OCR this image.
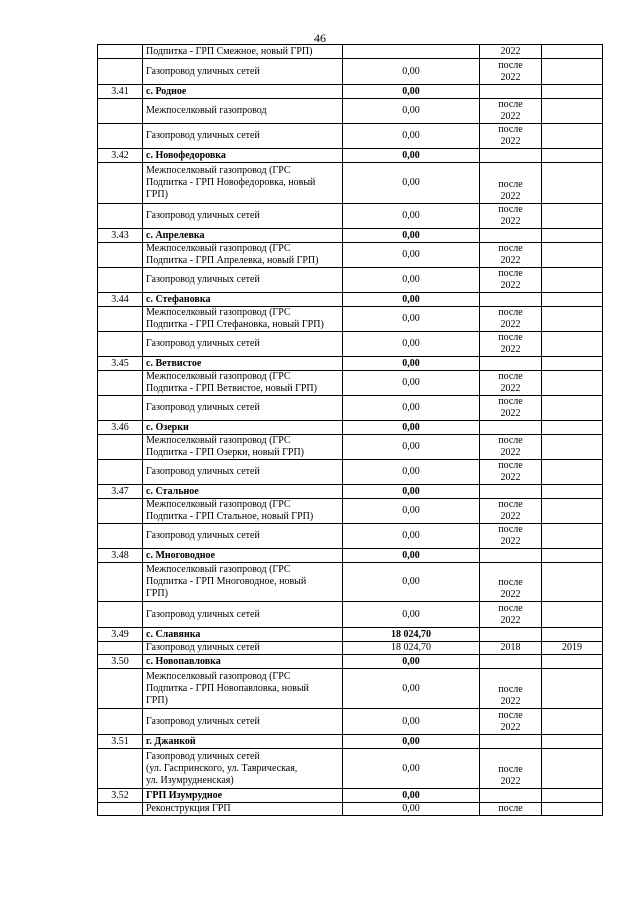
46
	Подпитка - ГРП Смежное, новый ГРП)		2022	
	Газопровод уличных сетей	0,00	после
2022	
3.41	с. Родное	0,00		
	Межпоселковый газопровод	0,00	после
2022	
	Газопровод уличных сетей	0,00	после
2022	
3.42	с. Новофедоровка	0,00		
	Межпоселковый газопровод (ГРС
Подпитка - ГРП Новофедоровка, новый
ГРП)	0,00	после
2022	
	Газопровод уличных сетей	0,00	после
2022	
3.43	с. Апрелевка	0,00		
	Межпоселковый газопровод (ГРС
Подпитка - ГРП Апрелевка, новый ГРП)	0,00	после
2022	
	Газопровод уличных сетей	0,00	после
2022	
3.44	с. Стефановка	0,00		
	Межпоселковый газопровод (ГРС
Подпитка - ГРП Стефановка, новый ГРП)	0,00	после
2022	
	Газопровод уличных сетей	0,00	после
2022	
3.45	с. Ветвистое	0,00		
	Межпоселковый газопровод (ГРС
Подпитка - ГРП Ветвистое, новый ГРП)	0,00	после
2022	
	Газопровод уличных сетей	0,00	после
2022	
3.46	с. Озерки	0,00		
	Межпоселковый газопровод (ГРС
Подпитка - ГРП Озерки, новый ГРП)	0,00	после
2022	
	Газопровод уличных сетей	0,00	после
2022	
3.47	с. Стальное	0,00		
	Межпоселковый газопровод (ГРС
Подпитка - ГРП Стальное, новый ГРП)	0,00	после
2022	
	Газопровод уличных сетей	0,00	после
2022	
3.48	с. Многоводное	0,00		
	Межпоселковый газопровод (ГРС
Подпитка - ГРП Многоводное, новый
ГРП)	0,00	после
2022	
	Газопровод уличных сетей	0,00	после
2022	
3.49	с. Славянка	18 024,70		
	Газопровод уличных сетей	18 024,70	2018	2019
3.50	с. Новопавловка	0,00		
	Межпоселковый газопровод (ГРС
Подпитка - ГРП Новопавловка, новый
ГРП)	0,00	после
2022	
	Газопровод уличных сетей	0,00	после
2022	
3.51	г. Джанкой	0,00		
	Газопровод уличных сетей
(ул. Гаспринского, ул. Таврическая,
ул. Изумрудненская)	0,00	после
2022	
3.52	ГРП Изумрудное	0,00		
	Реконструкция ГРП	0,00	после	
